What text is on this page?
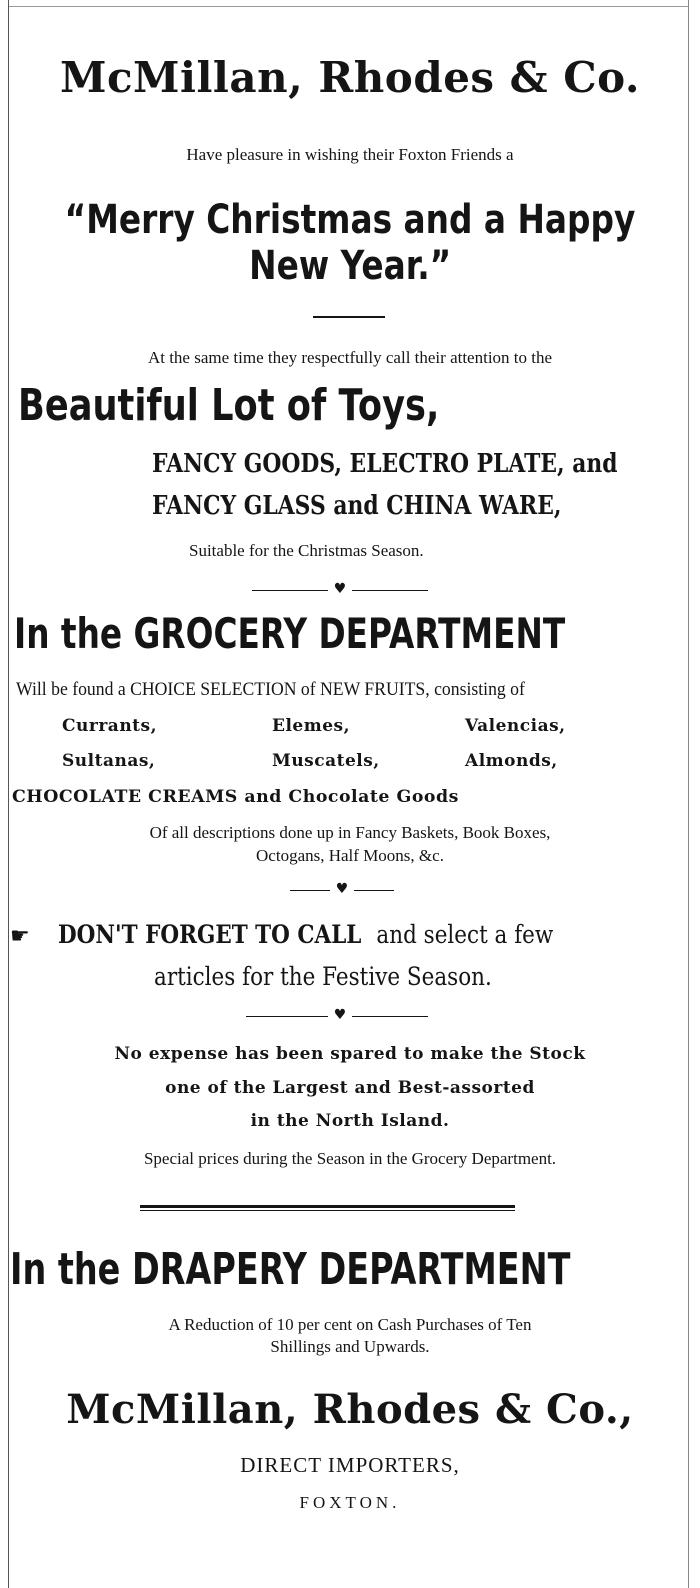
McMillan, Rhodes & Co.
Have pleasure in wishing their Foxton Friends a
“Merry Christmas and a Happy
New Year.”
At the same time they respectfully call their attention to the
Beautiful Lot of Toys,
FANCY GOODS, ELECTRO PLATE, and
FANCY GLASS and CHINA WARE,
Suitable for the Christmas Season.
♥
In the GROCERY DEPARTMENT
Will be found a CHOICE SELECTION of NEW FRUITS, consisting of
Currants,	Elemes,	Valencias,
Sultanas,	Muscatels,	Almonds,
CHOCOLATE CREAMS and Chocolate Goods
Of all descriptions done up in Fancy Baskets, Book Boxes,
Octogans, Half Moons, &c.
♥
☛ DON'T FORGET TO CALL and select a few
articles for the Festive Season.
♥
No expense has been spared to make the Stock
one of the Largest and Best-assorted
in the North Island.
Special prices during the Season in the Grocery Department.
In the DRAPERY DEPARTMENT
A Reduction of 10 per cent on Cash Purchases of Ten
Shillings and Upwards.
McMillan, Rhodes & Co.,
DIRECT IMPORTERS,
FOXTON.
